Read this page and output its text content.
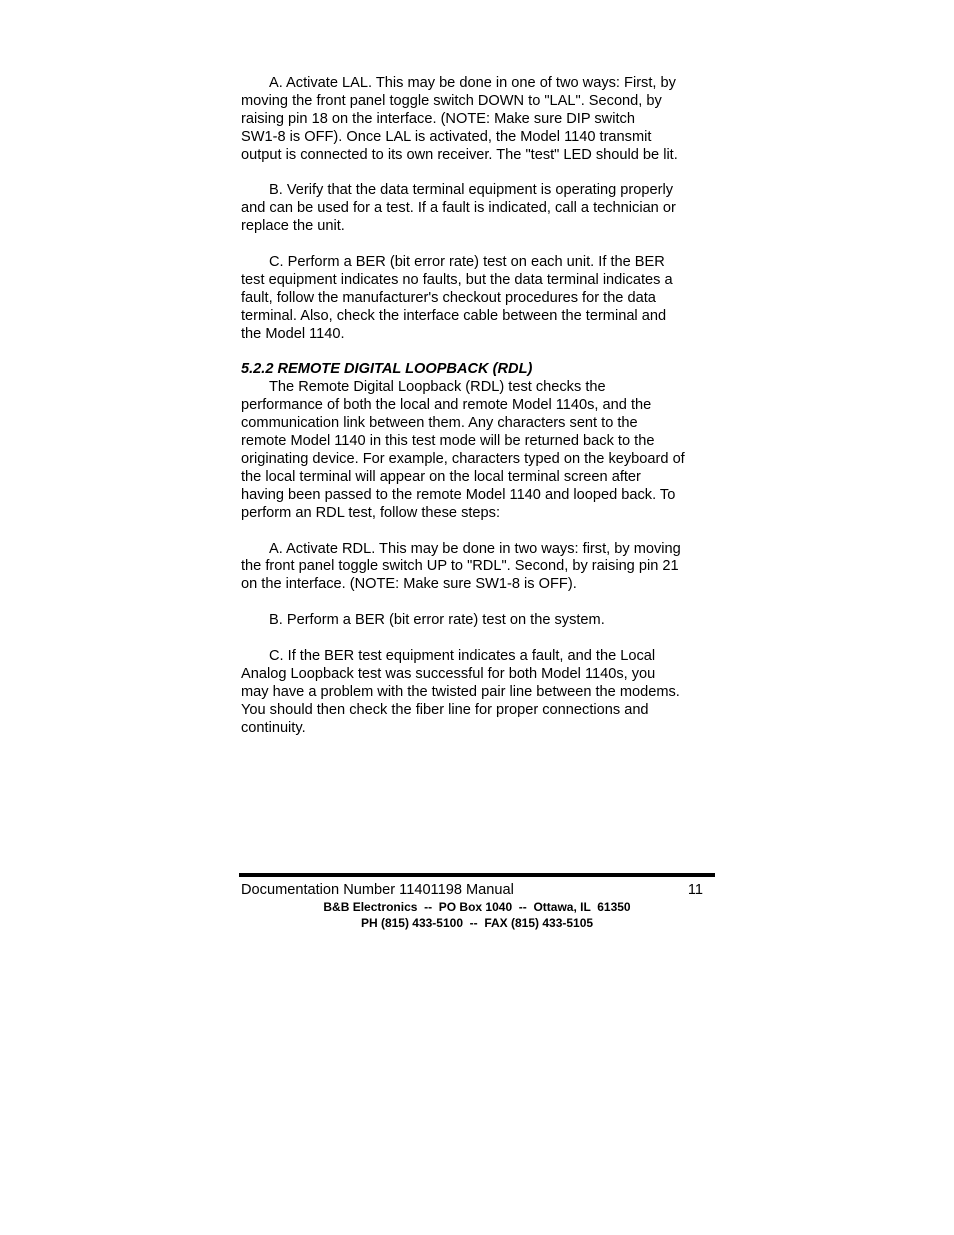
A. Activate LAL. This may be done in one of two ways: First, by
moving the front panel toggle switch DOWN to "LAL". Second, by
raising pin 18 on the interface. (NOTE: Make sure DIP switch
SW1-8 is OFF). Once LAL is activated, the Model 1140 transmit
output is connected to its own receiver. The "test" LED should be lit.

B. Verify that the data terminal equipment is operating properly
and can be used for a test. If a fault is indicated, call a technician or
replace the unit.

C. Perform a BER (bit error rate) test on each unit. If the BER
test equipment indicates no faults, but the data terminal indicates a
fault, follow the manufacturer's checkout procedures for the data
terminal. Also, check the interface cable between the terminal and
the Model 1140.

5.2.2 REMOTE DIGITAL LOOPBACK (RDL)

The Remote Digital Loopback (RDL) test checks the
performance of both the local and remote Model 1140s, and the
communication link between them. Any characters sent to the
remote Model 1140 in this test mode will be returned back to the
originating device. For example, characters typed on the keyboard of
the local terminal will appear on the local terminal screen after
having been passed to the remote Model 1140 and looped back. To
perform an RDL test, follow these steps:

A. Activate RDL. This may be done in two ways: first, by moving
the front panel toggle switch UP to "RDL". Second, by raising pin 21
on the interface. (NOTE: Make sure SW1-8 is OFF).

B. Perform a BER (bit error rate) test on the system.

C. If the BER test equipment indicates a fault, and the Local
Analog Loopback test was successful for both Model 1140s, you
may have a problem with the twisted pair line between the modems.
You should then check the fiber line for proper connections and
continuity.

Documentation Number 11401198 Manual	11
B&B Electronics  --  PO Box 1040  --  Ottawa, IL  61350
PH (815) 433-5100  --  FAX (815) 433-5105
